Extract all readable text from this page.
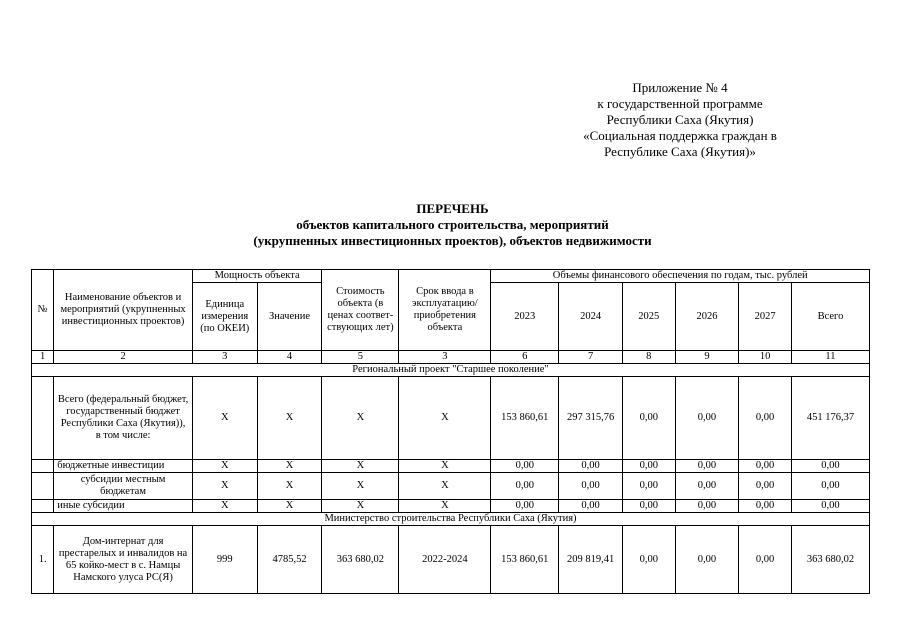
Приложение № 4
к государственной программе
Республики Саха (Якутия)
«Социальная поддержка граждан в
Республике Саха (Якутия)»
ПЕРЕЧЕНЬ
объектов капитального строительства, мероприятий
(укрупненных инвестиционных проектов), объектов недвижимости
№	Наименование объектов и мероприятий (укрупненных инвестиционных проектов)	Мощность объекта		Стоимость объекта (в ценах соответ-ствующих лет)	Срок ввода в эксплуатацию/ приобретения объекта	Объемы финансового обеспечения по годам, тыс. рублей					
		Единица измерения (по ОКЕИ)	Значение			2023	2024	2025	2026	2027	Всего
1	2	3	4	5	3	6	7	8	9	10	11
Региональный проект "Старшее поколение"											
	Всего (федеральный бюджет, государственный бюджет Республики Саха (Якутия)), в том числе:	Х	Х	Х	Х	153 860,61	297 315,76	0,00	0,00	0,00	451 176,37
	бюджетные инвестиции	Х	Х	Х	Х	0,00	0,00	0,00	0,00	0,00	0,00
	субсидии местным бюджетам	Х	Х	Х	Х	0,00	0,00	0,00	0,00	0,00	0,00
	иные субсидии	Х	Х	Х	Х	0,00	0,00	0,00	0,00	0,00	0,00
Министерство строительства Республики Саха (Якутия)											
1.	Дом-интернат для престарелых и инвалидов на 65 койко-мест в с. Намцы Намского улуса РС(Я)	999	4785,52	363 680,02	2022-2024	153 860,61	209 819,41	0,00	0,00	0,00	363 680,02
